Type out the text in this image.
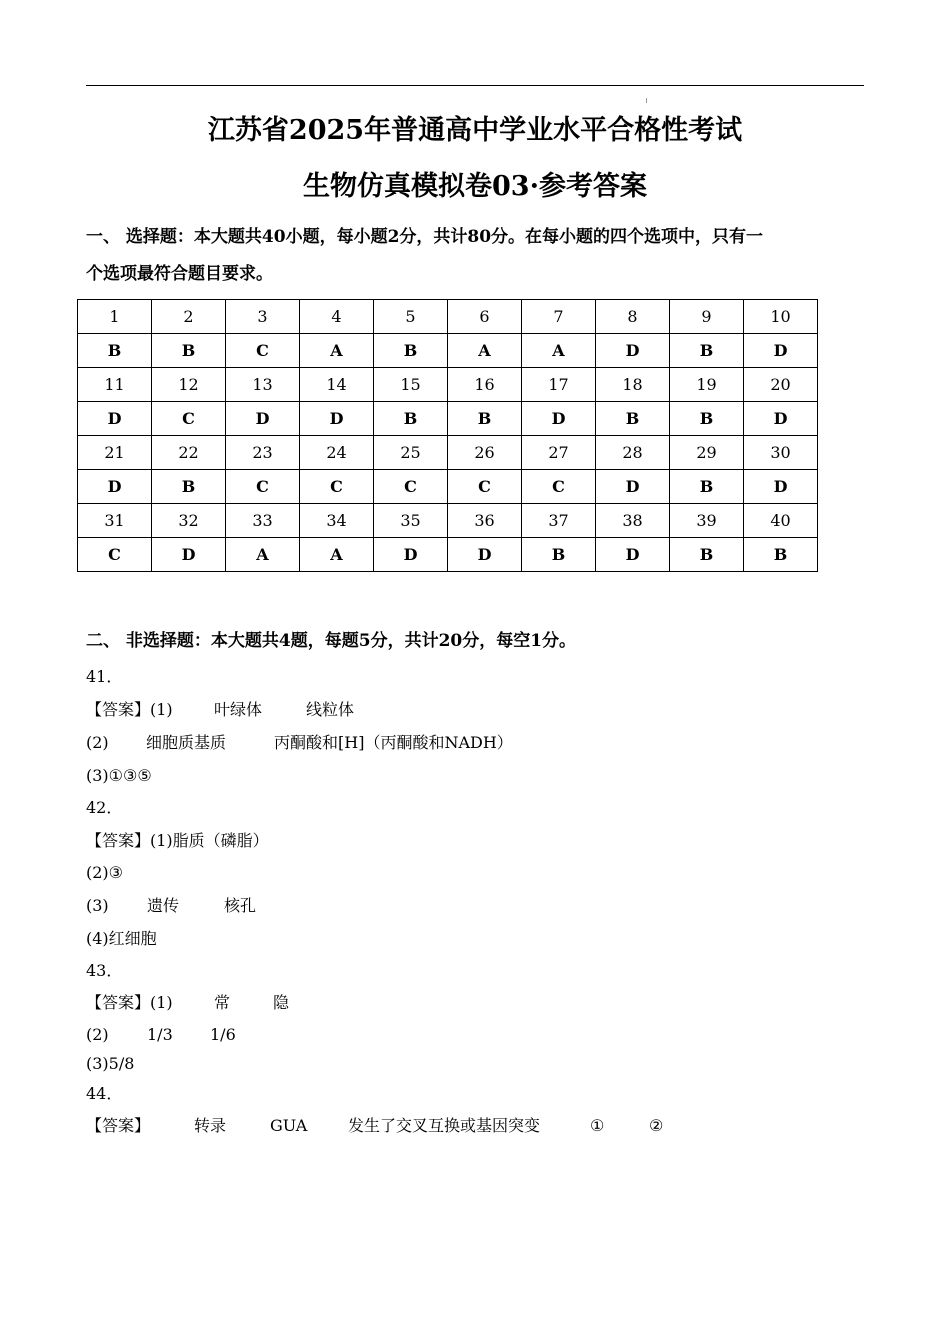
江苏省2025年普通高中学业水平合格性考试
生物仿真模拟卷03·参考答案
一、 选择题：本大题共40小题，每小题2分，共计80分。在每小题的四个选项中，只有一
个选项最符合题目要求。
1	2	3	4	5	6	7	8	9	10
B	B	C	A	B	A	A	D	B	D
11	12	13	14	15	16	17	18	19	20
D	C	D	D	B	B	D	B	B	D
21	22	23	24	25	26	27	28	29	30
D	B	C	C	C	C	C	D	B	D
31	32	33	34	35	36	37	38	39	40
C	D	A	A	D	D	B	D	B	B
二、 非选择题：本大题共4题，每题5分，共计20分，每空1分。
41．
【答案】(1)	叶绿体	线粒体
(2) 细胞质基质	丙酮酸和[H]（丙酮酸和NADH）
(3)①③⑤
42．
【答案】(1)脂质（磷脂）
(2)③
(3) 遗传	核孔
(4)红细胞
43．
【答案】(1)	常	隐
(2) 1/3 1/6
(3)5/8
44．
【答案】	转录	GUA	发生了交叉互换或基因突变	①	②
